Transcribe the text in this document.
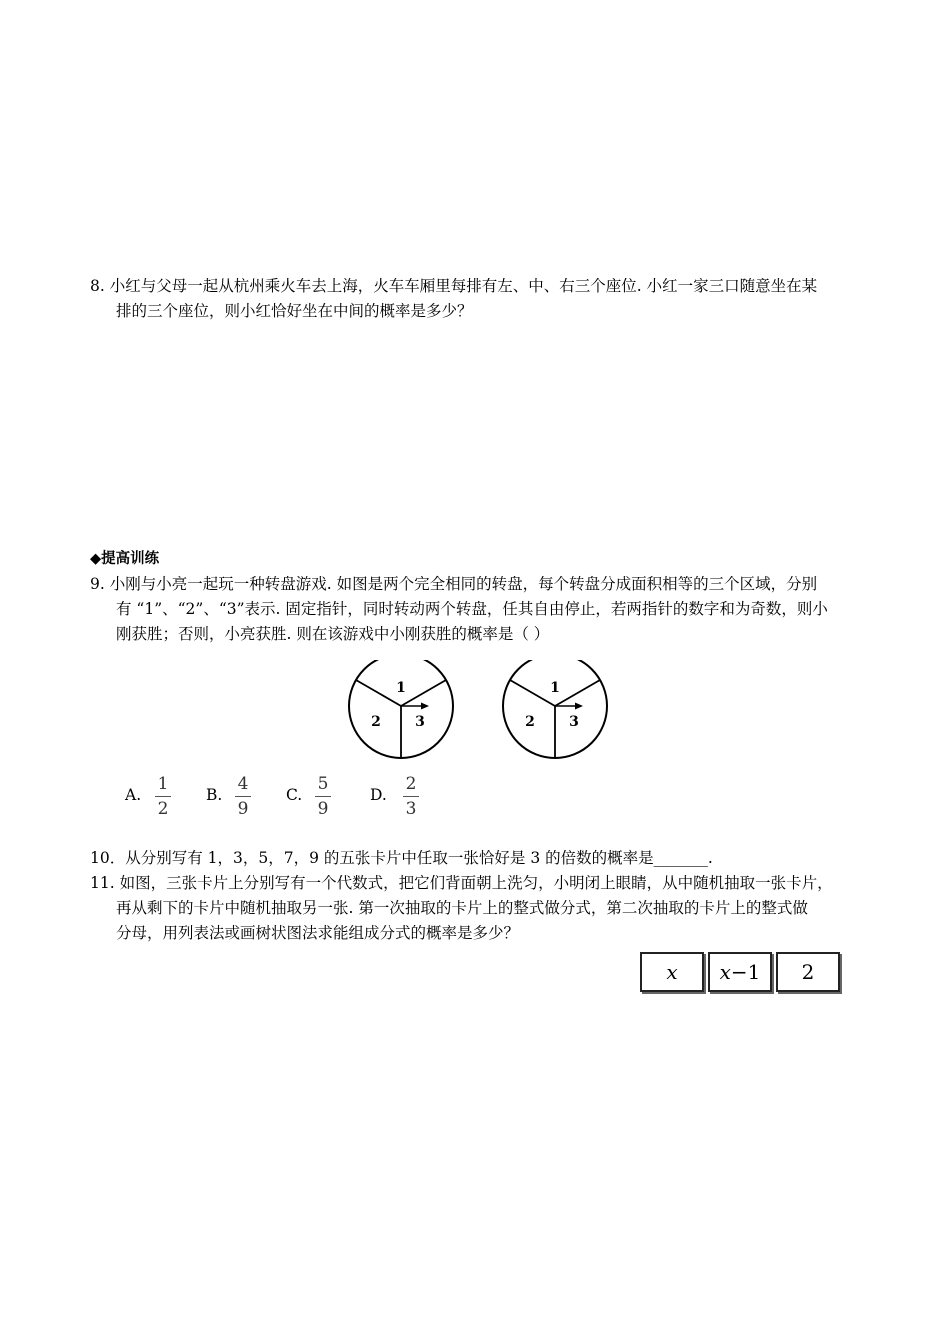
8. 小红与父母一起从杭州乘火车去上海，火车车厢里每排有左、中、右三个座位. 小红一家三口随意坐在某
排的三个座位，则小红恰好坐在中间的概率是多少？
◆提高训练
9. 小刚与小亮一起玩一种转盘游戏. 如图是两个完全相同的转盘，每个转盘分成面积相等的三个区域，分别
有 “1”、“2”、“3”表示. 固定指针，同时转动两个转盘，任其自由停止，若两指针的数字和为奇数，则小
刚获胜；否则，小亮获胜. 则在该游戏中小刚获胜的概率是（ ）
1
2 3
1
2 3
A.
1
2
B.
4
9
C.
5
9
D.
2
3
10．从分别写有 1，3，5，7，9 的五张卡片中任取一张恰好是 3 的倍数的概率是_______.
11. 如图，三张卡片上分别写有一个代数式，把它们背面朝上洗匀，小明闭上眼睛，从中随机抽取一张卡片，
再从剩下的卡片中随机抽取另一张. 第一次抽取的卡片上的整式做分式，第二次抽取的卡片上的整式做
分母，用列表法或画树状图法求能组成分式的概率是多少？
x	x−1	2
